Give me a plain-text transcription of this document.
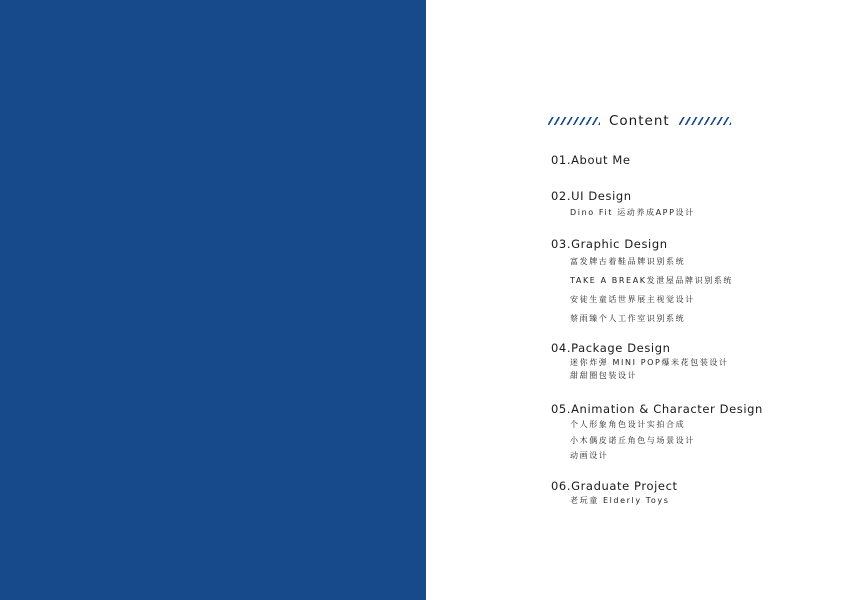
Content
01.About Me
02.UI Design
Dino Fit 运动养成APP设计
03.Graphic Design
富发牌古着鞋品牌识别系统
TAKE A BREAK发泄屋品牌识别系统
安徒生童话世界展主视觉设计
蔡雨臻个人工作室识别系统
04.Package Design
迷你炸弹 MINI POP爆米花包装设计
甜甜圈包装设计
05.Animation & Character Design
个人形象角色设计实拍合成
小木偶皮诺丘角色与场景设计
动画设计
06.Graduate Project
老玩童 Elderly Toys
